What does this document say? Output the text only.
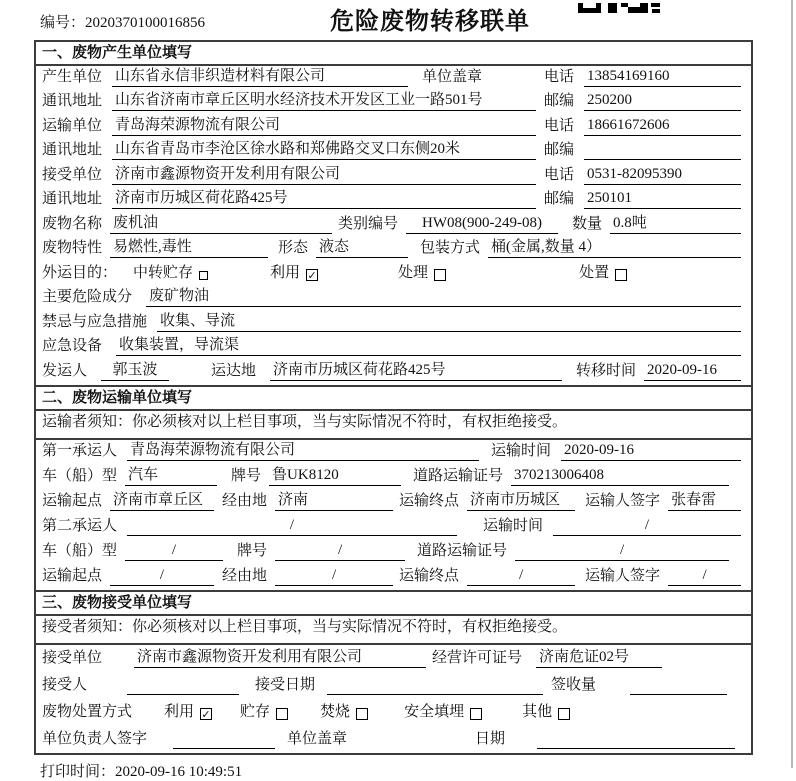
编号：2020370100016856	危险废物转移联单
一、废物产生单位填写
产生单位 山东省永信非织造材料有限公司	单位盖章	电话 13854169160
通讯地址 山东省济南市章丘区明水经济技术开发区工业一路501号	邮编 250200
运输单位 青岛海荣源物流有限公司	电话 18661672606
通讯地址 山东省青岛市李沧区徐水路和郑佛路交叉口东侧20米	邮编
接受单位 济南市鑫源物资开发利用有限公司	电话 0531-82095390
通讯地址 济南市历城区荷花路425号	邮编 250101
废物名称 废机油	类别编号	HW08(900-249-08)	数量 0.8吨
废物特性 易燃性,毒性	形态 液态	包装方式 桶(金属,数量 4）
外运目的： 中转贮存	利用 ✓	处理	处置
主要危险成分 废矿物油
禁忌与应急措施 收集、导流
应急设备 收集装置，导流渠
发运人	郭玉波	运达地 济南市历城区荷花路425号	转移时间 2020-09-16
二、废物运输单位填写
运输者须知：你必须核对以上栏目事项，当与实际情况不符时，有权拒绝接受。
第一承运人 青岛海荣源物流有限公司	运输时间 2020-09-16
车（船）型 汽车	牌号 鲁UK8120	道路运输证号 370213006408
运输起点 济南市章丘区	经由地 济南	运输终点 济南市历城区	运输人签字 张春雷
第二承运人	/	运输时间	/
车（船）型	/	牌号	/	道路运输证号	/
运输起点	/	经由地	/	运输终点	/	运输人签字	/
三、废物接受单位填写
接受者须知：你必须核对以上栏目事项，当与实际情况不符时，有权拒绝接受。
接受单位 济南市鑫源物资开发利用有限公司	经营许可证号 济南危证02号
接受人	接受日期	签收量
废物处置方式 利用 ✓ 贮存	焚烧	安全填埋	其他
单位负责人签字	单位盖章	日期
打印时间：2020-09-16 10:49:51
